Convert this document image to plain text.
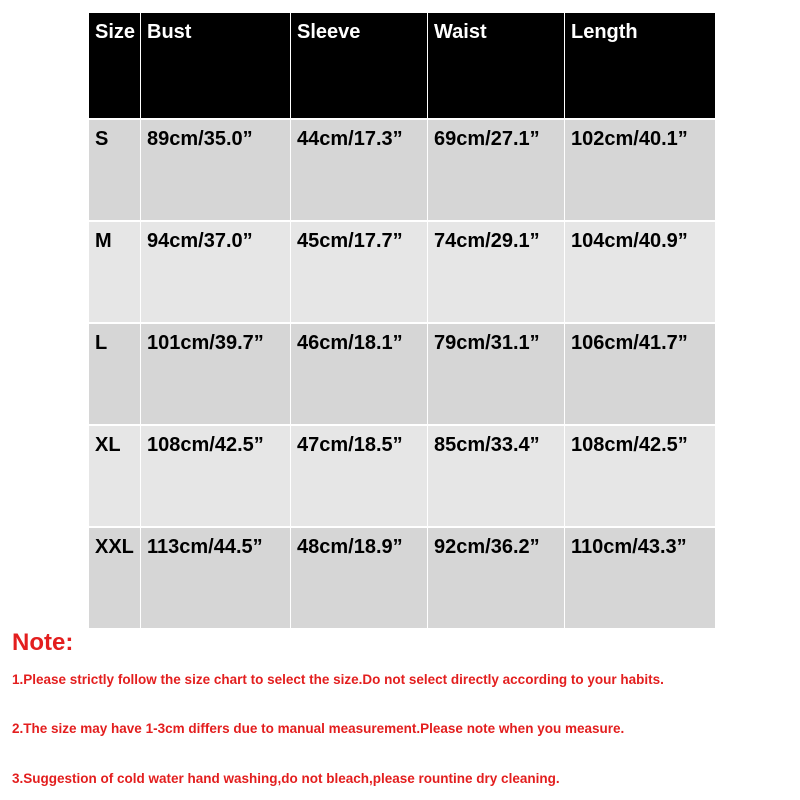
Size	Bust	Sleeve	Waist	Length
S	89cm/35.0”	44cm/17.3”	69cm/27.1”	102cm/40.1”
M	94cm/37.0”	45cm/17.7”	74cm/29.1”	104cm/40.9”
L	101cm/39.7”	46cm/18.1”	79cm/31.1”	106cm/41.7”
XL	108cm/42.5”	47cm/18.5”	85cm/33.4”	108cm/42.5”
XXL	113cm/44.5”	48cm/18.9”	92cm/36.2”	110cm/43.3”
Note:
1.Please strictly follow the size chart to select the size.Do not select directly according to your habits.
2.The size may have 1-3cm differs due to manual measurement.Please note when you measure.
3.Suggestion of cold water hand washing,do not bleach,please rountine dry cleaning.
